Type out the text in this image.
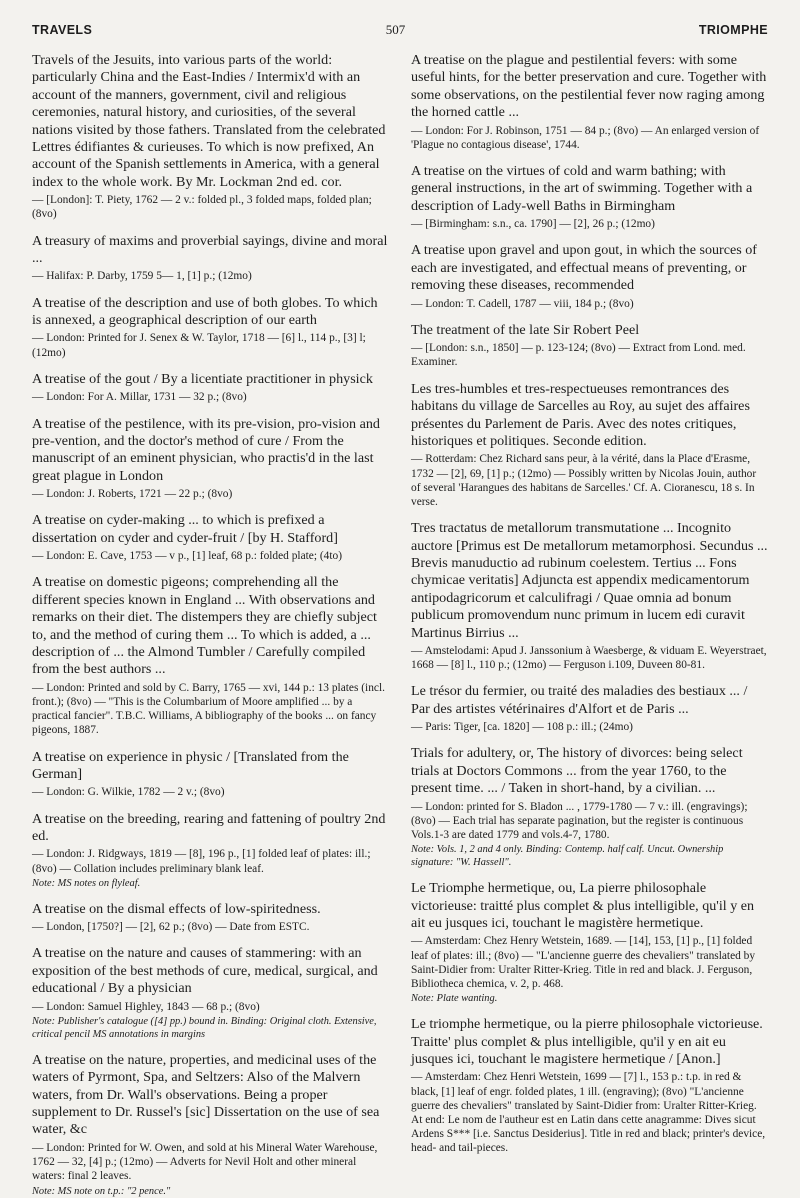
TRAVELS	507	TRIOMPHE

Travels of the Jesuits, into various parts of the world: particularly China and the East-Indies / Intermix'd with an account of the manners, government, civil and religious ceremonies, natural history, and curiosities, of the several nations visited by those fathers. Translated from the celebrated Lettres édifiantes & curieuses. To which is now prefixed, An account of the Spanish settlements in America, with a general index to the whole work. By Mr. Lockman 2nd ed. cor.

— [London]: T. Piety, 1762 — 2 v.: folded pl., 3 folded maps, folded plan; (8vo)

A treasury of maxims and proverbial sayings, divine and moral ...

— Halifax: P. Darby, 1759 5— 1, [1] p.; (12mo)

A treatise of the description and use of both globes. To which is annexed, a geographical description of our earth

— London: Printed for J. Senex & W. Taylor, 1718 — [6] l., 114 p., [3] l; (12mo)

A treatise of the gout / By a licentiate practitioner in physick

— London: For A. Millar, 1731 — 32 p.; (8vo)

A treatise of the pestilence, with its pre-vision, pro-vision and pre-vention, and the doctor's method of cure / From the manuscript of an eminent physician, who practis'd in the last great plague in London

— London: J. Roberts, 1721 — 22 p.; (8vo)

A treatise on cyder-making ... to which is prefixed a dissertation on cyder and cyder-fruit / [by H. Stafford]

— London: E. Cave, 1753 — v p., [1] leaf, 68 p.: folded plate; (4to)

A treatise on domestic pigeons; comprehending all the different species known in England ... With observations and remarks on their diet. The distempers they are chiefly subject to, and the method of curing them ... To which is added, a ... description of ... the Almond Tumbler / Carefully compiled from the best authors ...

— London: Printed and sold by C. Barry, 1765 — xvi, 144 p.: 13 plates (incl. front.); (8vo) — "This is the Columbarium of Moore amplified ... by a practical fancier". T.B.C. Williams, A bibliography of the books ... on fancy pigeons, 1887.

A treatise on experience in physic / [Translated from the German]

— London: G. Wilkie, 1782 — 2 v.; (8vo)

A treatise on the breeding, rearing and fattening of poultry 2nd ed.

— London: J. Ridgways, 1819 — [8], 196 p., [1] folded leaf of plates: ill.; (8vo) — Collation includes preliminary blank leaf.

Note: MS notes on flyleaf.

A treatise on the dismal effects of low-spiritedness.

— London, [1750?] — [2], 62 p.; (8vo) — Date from ESTC.

A treatise on the nature and causes of stammering: with an exposition of the best methods of cure, medical, surgical, and educational / By a physician

— London: Samuel Highley, 1843 — 68 p.; (8vo)

Note: Publisher's catalogue ([4] pp.) bound in. Binding: Original cloth. Extensive, critical pencil MS annotations in margins

A treatise on the nature, properties, and medicinal uses of the waters of Pyrmont, Spa, and Seltzers: Also of the Malvern waters, from Dr. Wall's observations. Being a proper supplement to Dr. Russel's [sic] Dissertation on the use of sea water, &c

— London: Printed for W. Owen, and sold at his Mineral Water Warehouse, 1762 — 32, [4] p.; (12mo) — Adverts for Nevil Holt and other mineral waters: final 2 leaves.

Note: MS note on t.p.: "2 pence."

A treatise on the plague and pestilential fevers: with some useful hints, for the better preservation and cure. Together with some observations, on the pestilential fever now raging among the horned cattle ...

— London: For J. Robinson, 1751 — 84 p.; (8vo) — An enlarged version of 'Plague no contagious disease', 1744.

A treatise on the virtues of cold and warm bathing; with general instructions, in the art of swimming. Together with a description of Lady-well Baths in Birmingham

— [Birmingham: s.n., ca. 1790] — [2], 26 p.; (12mo)

A treatise upon gravel and upon gout, in which the sources of each are investigated, and effectual means of preventing, or removing these diseases, recommended

— London: T. Cadell, 1787 — viii, 184 p.; (8vo)

The treatment of the late Sir Robert Peel

— [London: s.n., 1850] — p. 123-124; (8vo) — Extract from Lond. med. Examiner.

Les tres-humbles et tres-respectueuses remontrances des habitans du village de Sarcelles au Roy, au sujet des affaires présentes du Parlement de Paris. Avec des notes critiques, historiques et politiques. Seconde edition.

— Rotterdam: Chez Richard sans peur, à la vérité, dans la Place d'Erasme, 1732 — [2], 69, [1] p.; (12mo) — Possibly written by Nicolas Jouin, author of several 'Harangues des habitans de Sarcelles.' Cf. A. Cioranescu, 18 s. In verse.

Tres tractatus de metallorum transmutatione ... Incognito auctore [Primus est De metallorum metamorphosi. Secundus ... Brevis manuductio ad rubinum coelestem. Tertius ... Fons chymicae veritatis] Adjuncta est appendix medicamentorum antipodagricorum et calculifragi / Quae omnia ad bonum publicum promovendum nunc primum in lucem edi curavit Martinus Birrius ...

— Amstelodami: Apud J. Janssonium à Waesberge, & viduam E. Weyerstraet, 1668 — [8] l., 110 p.; (12mo) — Ferguson i.109, Duveen 80-81.

Le trésor du fermier, ou traité des maladies des bestiaux ... / Par des artistes vétérinaires d'Alfort et de Paris ...

— Paris: Tiger, [ca. 1820] — 108 p.: ill.; (24mo)

Trials for adultery, or, The history of divorces: being select trials at Doctors Commons ... from the year 1760, to the present time. ... / Taken in short-hand, by a civilian. ...

— London: printed for S. Bladon ... , 1779-1780 — 7 v.: ill. (engravings); (8vo) — Each trial has separate pagination, but the register is continuous Vols.1-3 are dated 1779 and vols.4-7, 1780.

Note: Vols. 1, 2 and 4 only. Binding: Contemp. half calf. Uncut. Ownership signature: "W. Hassell".

Le Triomphe hermetique, ou, La pierre philosophale victorieuse: traitté plus complet & plus intelligible, qu'il y en ait eu jusques ici, touchant le magistère hermetique.

— Amsterdam: Chez Henry Wetstein, 1689. — [14], 153, [1] p., [1] folded leaf of plates: ill.; (8vo) — "L'ancienne guerre des chevaliers" translated by Saint-Didier from: Uralter Ritter-Krieg. Title in red and black. J. Ferguson, Bibliotheca chemica, v. 2, p. 468.

Note: Plate wanting.

Le triomphe hermetique, ou la pierre philosophale victorieuse. Traitte' plus complet & plus intelligible, qu'il y en ait eu jusques ici, touchant le magistere hermetique / [Anon.]

— Amsterdam: Chez Henri Wetstein, 1699 — [7] l., 153 p.: t.p. in red & black, [1] leaf of engr. folded plates, 1 ill. (engraving); (8vo) "L'ancienne guerre des chevaliers" translated by Saint-Didier from: Uralter Ritter-Krieg. At end: Le nom de l'autheur est en Latin dans cette anagramme: Dives sicut Ardens S*** [i.e. Sanctus Desiderius]. Title in red and black; printer's device, head- and tail-pieces.
